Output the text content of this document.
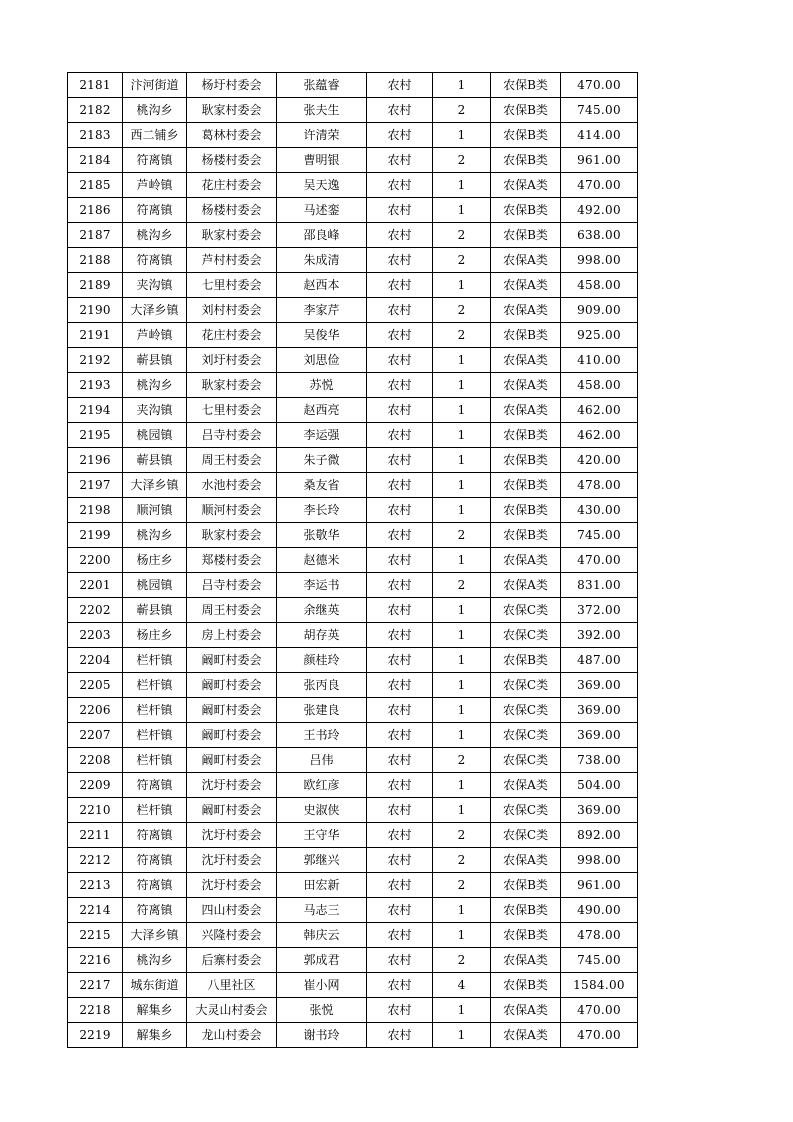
2181	汴河街道	杨圩村委会	张蕴睿	农村	1	农保B类	470.00
2182	桃沟乡	耿家村委会	张夫生	农村	2	农保B类	745.00
2183	西二铺乡	葛林村委会	许清荣	农村	1	农保B类	414.00
2184	符离镇	杨楼村委会	曹明银	农村	2	农保B类	961.00
2185	芦岭镇	花庄村委会	吴天逸	农村	1	农保A类	470.00
2186	符离镇	杨楼村委会	马述銮	农村	1	农保B类	492.00
2187	桃沟乡	耿家村委会	邵良峰	农村	2	农保B类	638.00
2188	符离镇	芦村村委会	朱成清	农村	2	农保A类	998.00
2189	夹沟镇	七里村委会	赵西本	农村	1	农保A类	458.00
2190	大泽乡镇	刘村村委会	李家芹	农村	2	农保A类	909.00
2191	芦岭镇	花庄村委会	吴俊华	农村	2	农保B类	925.00
2192	蕲县镇	刘圩村委会	刘思俭	农村	1	农保A类	410.00
2193	桃沟乡	耿家村委会	苏悦	农村	1	农保A类	458.00
2194	夹沟镇	七里村委会	赵西亮	农村	1	农保A类	462.00
2195	桃园镇	吕寺村委会	李运强	农村	1	农保B类	462.00
2196	蕲县镇	周王村委会	朱子微	农村	1	农保B类	420.00
2197	大泽乡镇	水池村委会	桑友省	农村	1	农保B类	478.00
2198	顺河镇	顺河村委会	李长玲	农村	1	农保B类	430.00
2199	桃沟乡	耿家村委会	张敬华	农村	2	农保B类	745.00
2200	杨庄乡	郑楼村委会	赵德米	农村	1	农保A类	470.00
2201	桃园镇	吕寺村委会	李运书	农村	2	农保A类	831.00
2202	蕲县镇	周王村委会	余继英	农村	1	农保C类	372.00
2203	杨庄乡	房上村委会	胡存英	农村	1	农保C类	392.00
2204	栏杆镇	阚町村委会	颜桂玲	农村	1	农保B类	487.00
2205	栏杆镇	阚町村委会	张丙良	农村	1	农保C类	369.00
2206	栏杆镇	阚町村委会	张建良	农村	1	农保C类	369.00
2207	栏杆镇	阚町村委会	王书玲	农村	1	农保C类	369.00
2208	栏杆镇	阚町村委会	吕伟	农村	2	农保C类	738.00
2209	符离镇	沈圩村委会	欧红彦	农村	1	农保A类	504.00
2210	栏杆镇	阚町村委会	史淑侠	农村	1	农保C类	369.00
2211	符离镇	沈圩村委会	王守华	农村	2	农保C类	892.00
2212	符离镇	沈圩村委会	郭继兴	农村	2	农保A类	998.00
2213	符离镇	沈圩村委会	田宏新	农村	2	农保B类	961.00
2214	符离镇	四山村委会	马志三	农村	1	农保B类	490.00
2215	大泽乡镇	兴隆村委会	韩庆云	农村	1	农保B类	478.00
2216	桃沟乡	后寨村委会	郭成君	农村	2	农保A类	745.00
2217	城东街道	八里社区	崔小网	农村	4	农保B类	1584.00
2218	解集乡	大灵山村委会	张悦	农村	1	农保A类	470.00
2219	解集乡	龙山村委会	谢书玲	农村	1	农保A类	470.00
